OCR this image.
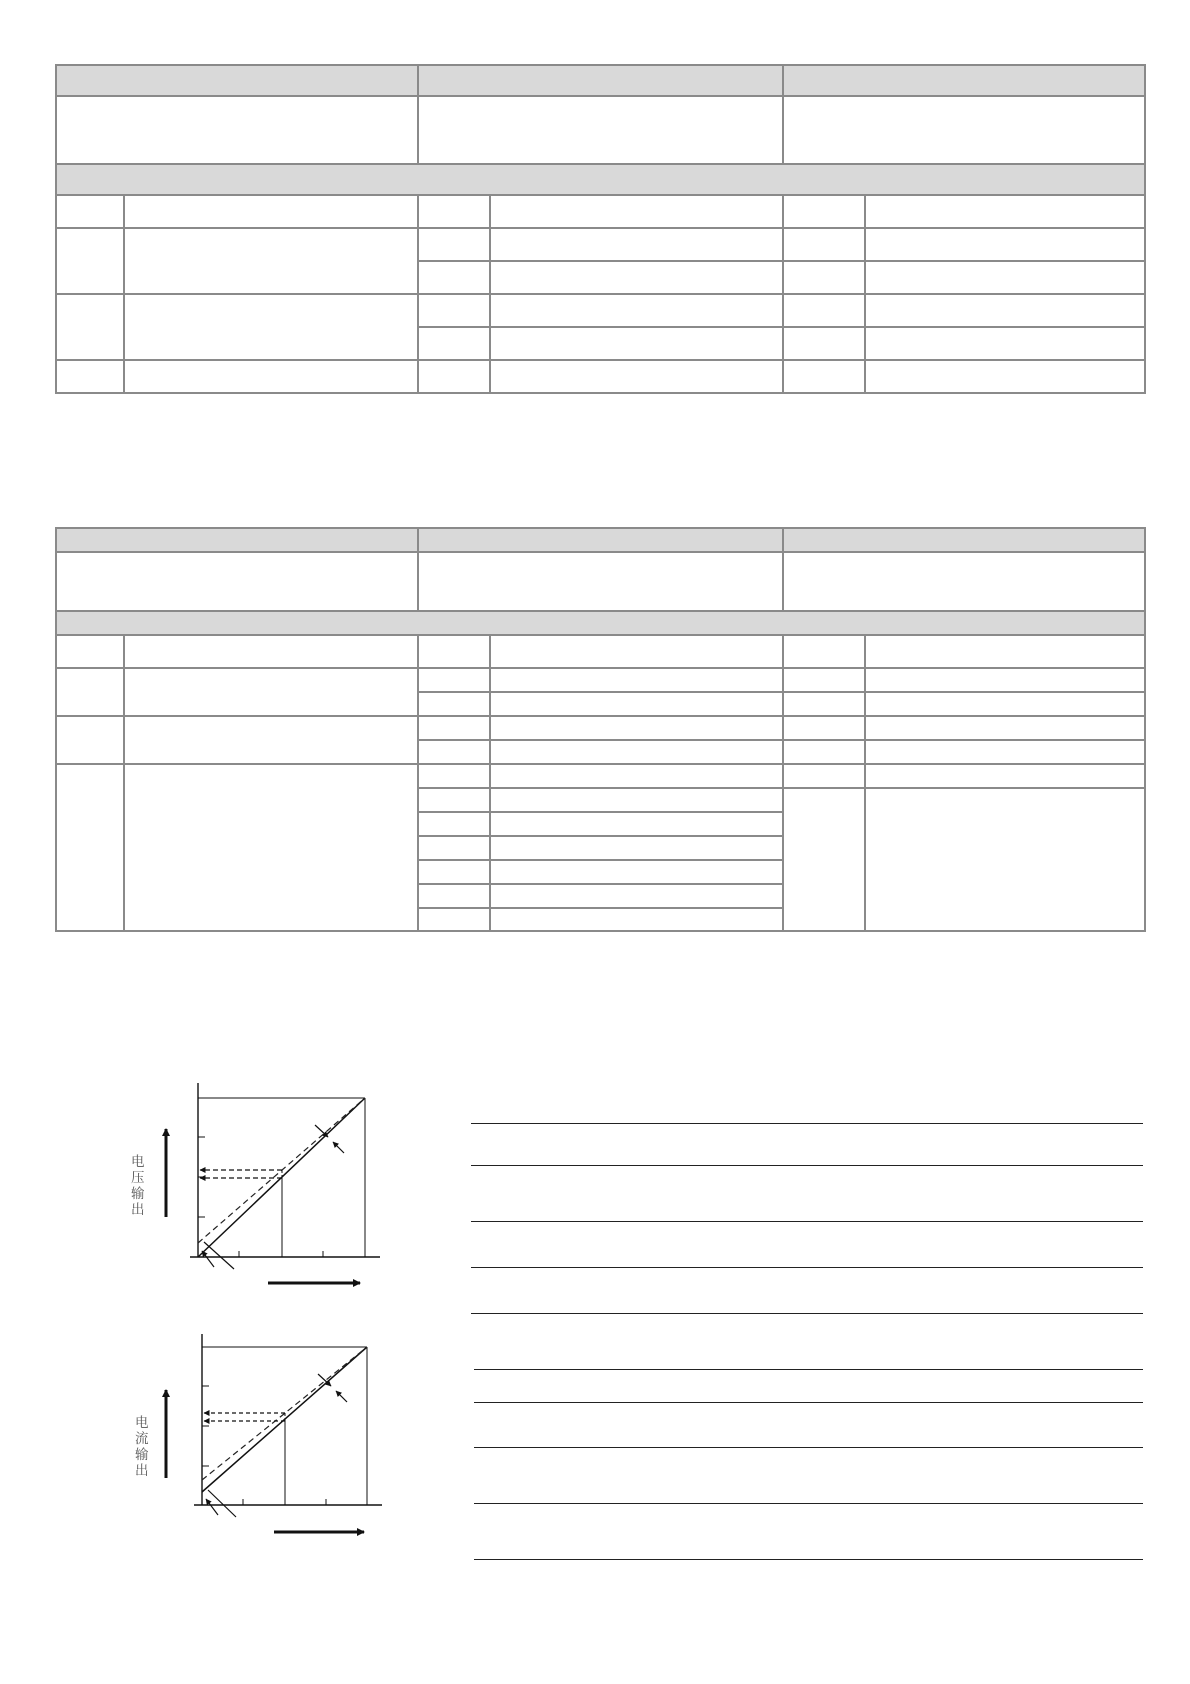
电
压
输
出
电
流
输
出
